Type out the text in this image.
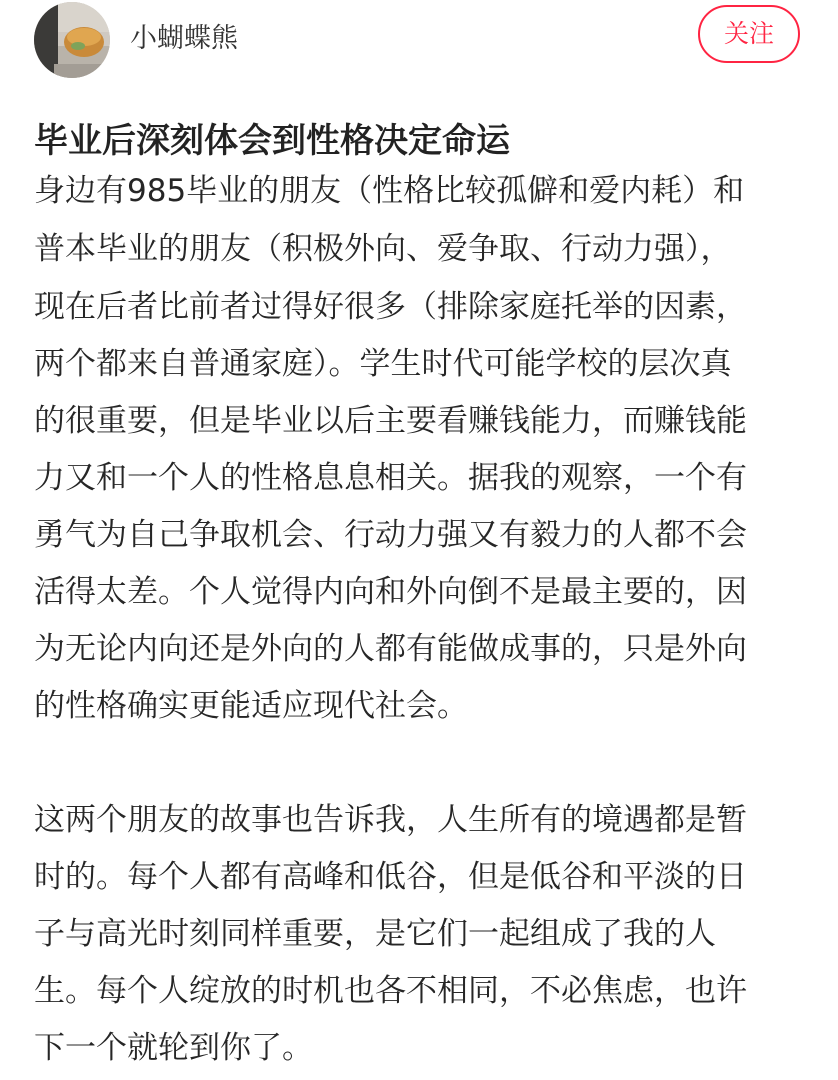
小蝴蝶熊	关注
毕业后深刻体会到性格决定命运
身边有985毕业的朋友（性格比较孤僻和爱内耗）和
普本毕业的朋友（积极外向、爱争取、行动力强），
现在后者比前者过得好很多（排除家庭托举的因素，
两个都来自普通家庭）。学生时代可能学校的层次真
的很重要，但是毕业以后主要看赚钱能力，而赚钱能
力又和一个人的性格息息相关。据我的观察，一个有
勇气为自己争取机会、行动力强又有毅力的人都不会
活得太差。个人觉得内向和外向倒不是最主要的，因
为无论内向还是外向的人都有能做成事的，只是外向
的性格确实更能适应现代社会。
这两个朋友的故事也告诉我，人生所有的境遇都是暂
时的。每个人都有高峰和低谷，但是低谷和平淡的日
子与高光时刻同样重要，是它们一起组成了我的人
生。每个人绽放的时机也各不相同，不必焦虑，也许
下一个就轮到你了。
